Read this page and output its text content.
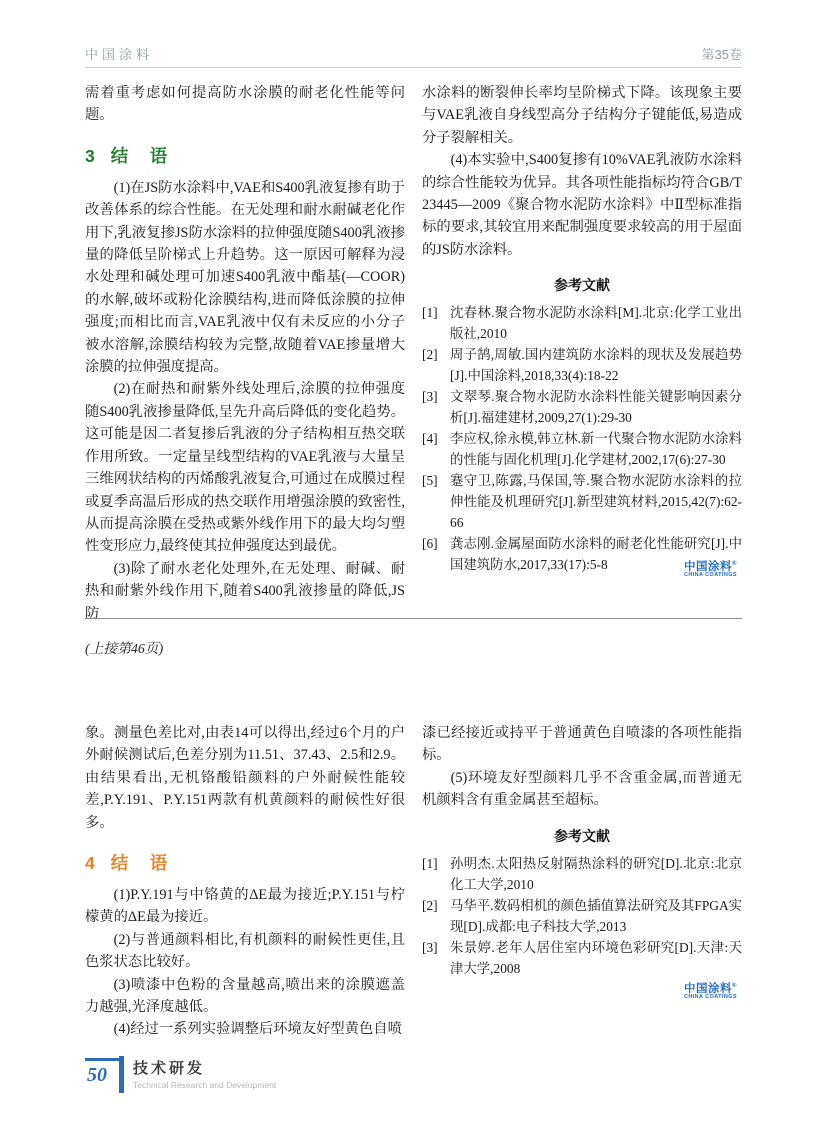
中国涂料	第35卷

需着重考虑如何提高防水涂膜的耐老化性能等问题。

3 结　语

(1)在JS防水涂料中,VAE和S400乳液复掺有助于改善体系的综合性能。在无处理和耐水耐碱老化作用下,乳液复掺JS防水涂料的拉伸强度随S400乳液掺量的降低呈阶梯式上升趋势。这一原因可解释为浸水处理和碱处理可加速S400乳液中酯基(—COOR)的水解,破坏或粉化涂膜结构,进而降低涂膜的拉伸强度;而相比而言,VAE乳液中仅有未反应的小分子被水溶解,涂膜结构较为完整,故随着VAE掺量增大涂膜的拉伸强度提高。

(2)在耐热和耐紫外线处理后,涂膜的拉伸强度随S400乳液掺量降低,呈先升高后降低的变化趋势。这可能是因二者复掺后乳液的分子结构相互热交联作用所致。一定量呈线型结构的VAE乳液与大量呈三维网状结构的丙烯酸乳液复合,可通过在成膜过程或夏季高温后形成的热交联作用增强涂膜的致密性,从而提高涂膜在受热或紫外线作用下的最大均匀塑性变形应力,最终使其拉伸强度达到最优。

(3)除了耐水老化处理外,在无处理、耐碱、耐热和耐紫外线作用下,随着S400乳液掺量的降低,JS防

水涂料的断裂伸长率均呈阶梯式下降。该现象主要与VAE乳液自身线型高分子结构分子键能低,易造成分子裂解相关。

(4)本实验中,S400复掺有10%VAE乳液防水涂料的综合性能较为优异。其各项性能指标均符合GB/T 23445—2009《聚合物水泥防水涂料》中Ⅱ型标准指标的要求,其较宜用来配制强度要求较高的用于屋面的JS防水涂料。

参考文献
[1] 沈春林.聚合物水泥防水涂料[M].北京:化学工业出版社,2010
[2] 周子鹄,周敏.国内建筑防水涂料的现状及发展趋势[J].中国涂料,2018,33(4):18-22
[3] 文翠琴.聚合物水泥防水涂料性能关键影响因素分析[J].福建建材,2009,27(1):29-30
[4] 李应权,徐永模,韩立林.新一代聚合物水泥防水涂料的性能与固化机理[J].化学建材,2002,17(6):27-30
[5] 蹇守卫,陈露,马保国,等.聚合物水泥防水涂料的拉伸性能及机理研究[J].新型建筑材料,2015,42(7):62-66
[6] 龚志刚.金属屋面防水涂料的耐老化性能研究[J].中国建筑防水,2017,33(17):5-8	中国涂料®
CHINA COATINGS
(上接第46页)

象。测量色差比对,由表14可以得出,经过6个月的户外耐候测试后,色差分别为11.51、37.43、2.5和2.9。由结果看出,无机铬酸铅颜料的户外耐候性能较差,P.Y.191、P.Y.151两款有机黄颜料的耐候性好很多。

4 结　语

(1)P.Y.191与中铬黄的ΔE最为接近;P.Y.151与柠檬黄的ΔE最为接近。

(2)与普通颜料相比,有机颜料的耐候性更佳,且色浆状态比较好。

(3)喷漆中色粉的含量越高,喷出来的涂膜遮盖力越强,光泽度越低。

(4)经过一系列实验调整后环境友好型黄色自喷

漆已经接近或持平于普通黄色自喷漆的各项性能指标。

(5)环境友好型颜料几乎不含重金属,而普通无机颜料含有重金属甚至超标。

参考文献
[1] 孙明杰.太阳热反射隔热涂料的研究[D].北京:北京化工大学,2010
[2] 马华平.数码相机的颜色插值算法研究及其FPGA实现[D].成都:电子科技大学,2013
[3] 朱景婷.老年人居住室内环境色彩研究[D].天津:天津大学,2008
中国涂料®
CHINA COATINGS
50	技术研发
Technical Research and Development
